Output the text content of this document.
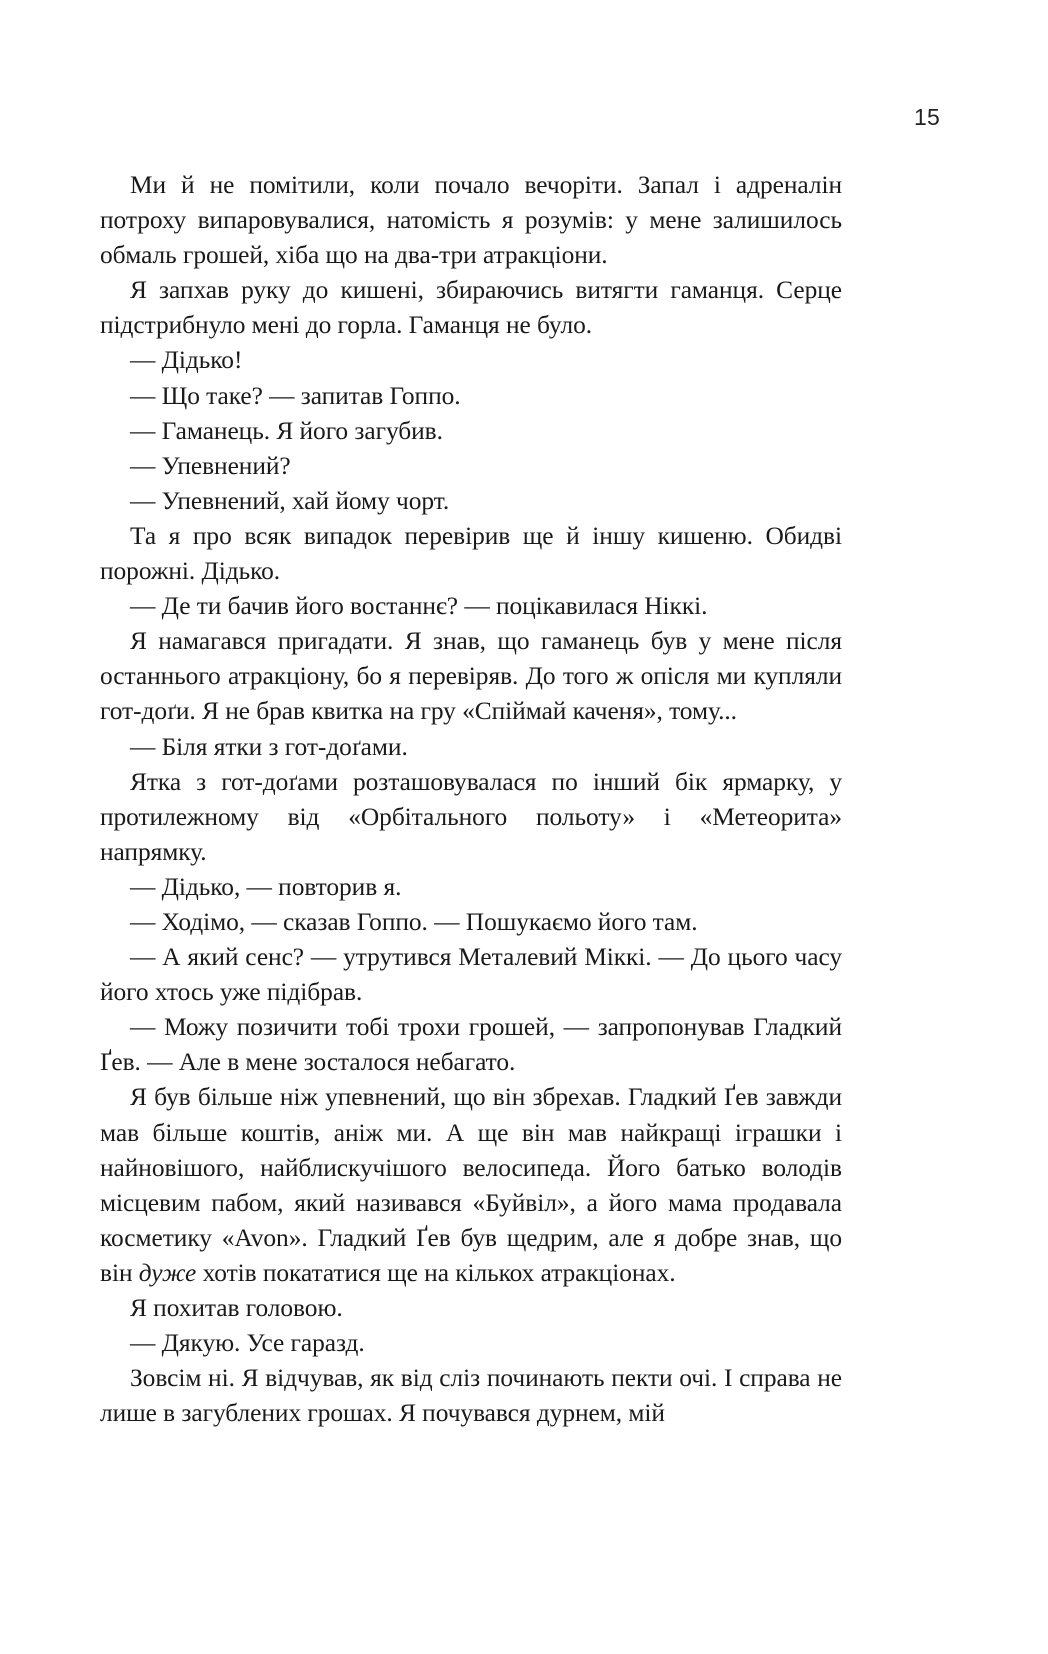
15

Ми й не помітили, коли почало вечоріти. Запал і адреналін потроху випаровувалися, натомість я розумів: у мене залишилось обмаль грошей, хіба що на два-три атракціони.

Я запхав руку до кишені, збираючись витягти гаманця. Серце підстрибнуло мені до горла. Гаманця не було.

— Дідько!

— Що таке? — запитав Гоппо.

— Гаманець. Я його загубив.

— Упевнений?

— Упевнений, хай йому чорт.

Та я про всяк випадок перевірив ще й іншу кишеню. Обидві порожні. Дідько.

— Де ти бачив його востаннє? — поцікавилася Ніккі.

Я намагався пригадати. Я знав, що гаманець був у мене після останнього атракціону, бо я перевіряв. До того ж опісля ми купляли гот-доґи. Я не брав квитка на гру «Спіймай каченя», тому...

— Біля ятки з гот-доґами.

Ятка з гот-доґами розташовувалася по інший бік ярмарку, у протилежному від «Орбітального польоту» і «Метеорита» напрямку.

— Дідько, — повторив я.

— Ходімо, — сказав Гоппо. — Пошукаємо його там.

— А який сенс? — утрутився Металевий Міккі. — До цього часу його хтось уже підібрав.

— Можу позичити тобі трохи грошей, — запропонував Гладкий Ґев. — Але в мене зосталося небагато.

Я був більше ніж упевнений, що він збрехав. Гладкий Ґев завжди мав більше коштів, аніж ми. А ще він мав найкращі іграшки і найновішого, найблискучішого велосипеда. Його батько володів місцевим пабом, який називався «Буйвіл», а його мама продавала косметику «Avon». Гладкий Ґев був щедрим, але я добре знав, що він дуже хотів покататися ще на кількох атракціонах.

Я похитав головою.

— Дякую. Усе гаразд.

Зовсім ні. Я відчував, як від сліз починають пекти очі. І справа не лише в загублених грошах. Я почувався дурнем, мій
